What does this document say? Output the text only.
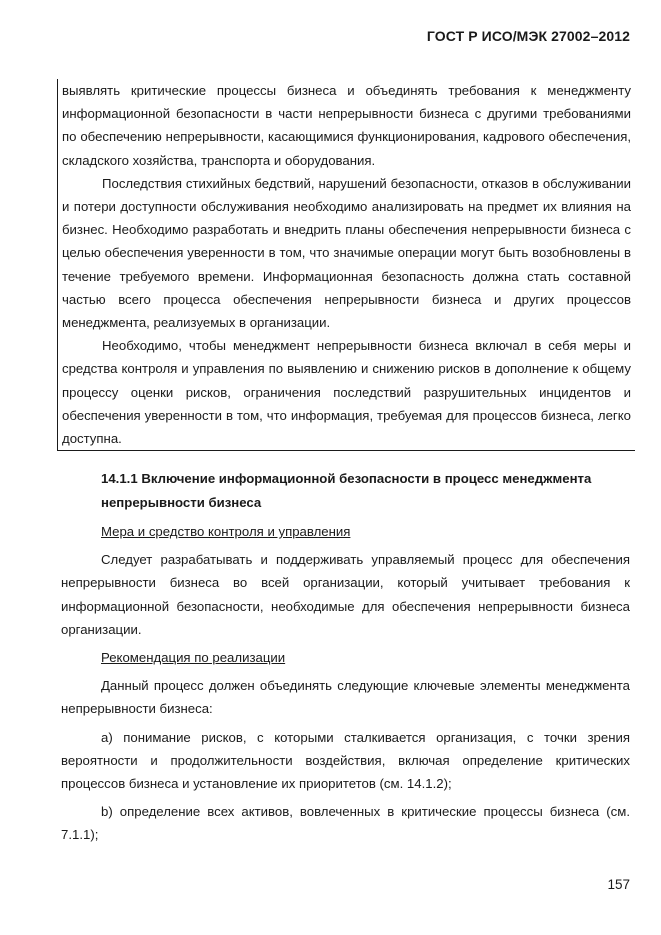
ГОСТ Р ИСО/МЭК 27002–2012

выявлять критические процессы бизнеса и объединять требования к менеджменту информационной безопасности в части непрерывности бизнеса с другими требованиями по обеспечению непрерывности, касающимися функционирования, кадрового обеспечения, складского хозяйства, транспорта и оборудования.

Последствия стихийных бедствий, нарушений безопасности, отказов в обслуживании и потери доступности обслуживания необходимо анализировать на предмет их влияния на бизнес. Необходимо разработать и внедрить планы обеспечения непрерывности бизнеса с целью обеспечения уверенности в том, что значимые операции могут быть возобновлены в течение требуемого времени. Информационная безопасность должна стать составной частью всего процесса обеспечения непрерывности бизнеса и других процессов менеджмента, реализуемых в организации.

Необходимо, чтобы менеджмент непрерывности бизнеса включал в себя меры и средства контроля и управления по выявлению и снижению рисков в дополнение к общему процессу оценки рисков, ограничения последствий разрушительных инцидентов и обеспечения уверенности в том, что информация, требуемая для процессов бизнеса, легко доступна.

14.1.1 Включение информационной безопасности в процесс менеджмента
непрерывности бизнеса

Мера и средство контроля и управления

Следует разрабатывать и поддерживать управляемый процесс для обеспечения непрерывности бизнеса во всей организации, который учитывает требования к информационной безопасности, необходимые для обеспечения непрерывности бизнеса организации.

Рекомендация по реализации

Данный процесс должен объединять следующие ключевые элементы менеджмента непрерывности бизнеса:

a) понимание рисков, с которыми сталкивается организация, с точки зрения вероятности и продолжительности воздействия, включая определение критических процессов бизнеса и установление их приоритетов (см. 14.1.2);

b) определение всех активов, вовлеченных в критические процессы бизнеса (см. 7.1.1);

157
